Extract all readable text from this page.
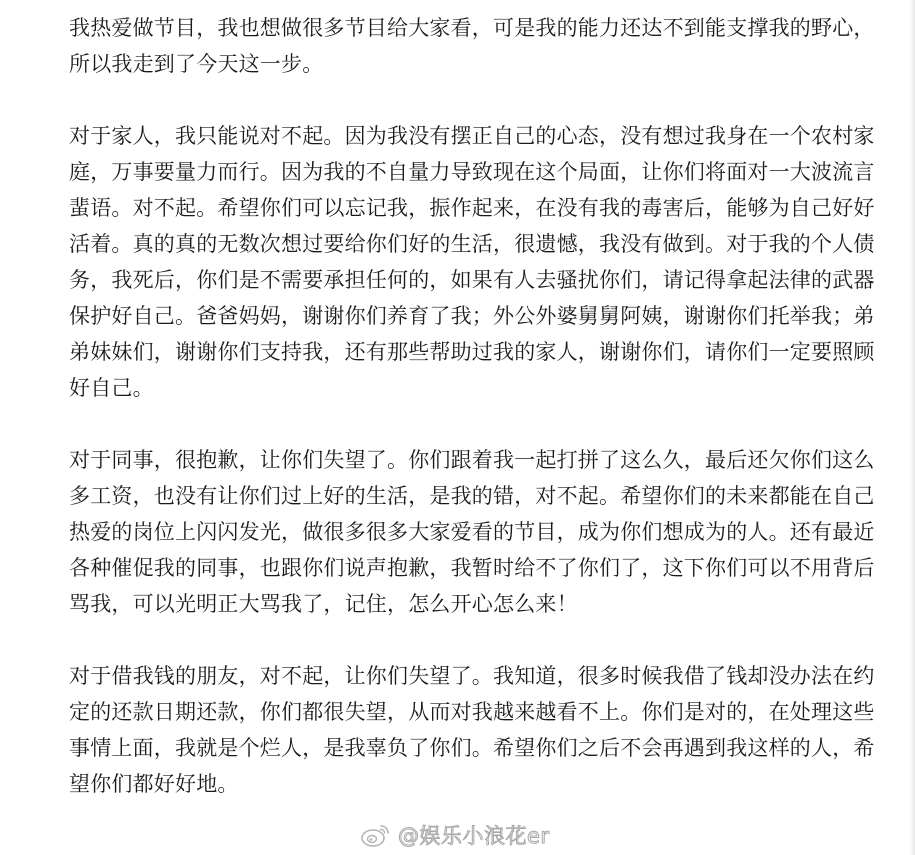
我热爱做节目，我也想做很多节目给大家看，可是我的能力还达不到能支撑我的野心，所以我走到了今天这一步。

对于家人，我只能说对不起。因为我没有摆正自己的心态，没有想过我身在一个农村家庭，万事要量力而行。因为我的不自量力导致现在这个局面，让你们将面对一大波流言蜚语。对不起。希望你们可以忘记我，振作起来，在没有我的毒害后，能够为自己好好活着。真的真的无数次想过要给你们好的生活，很遗憾，我没有做到。对于我的个人债务，我死后，你们是不需要承担任何的，如果有人去骚扰你们，请记得拿起法律的武器保护好自己。爸爸妈妈，谢谢你们养育了我；外公外婆舅舅阿姨，谢谢你们托举我；弟弟妹妹们，谢谢你们支持我，还有那些帮助过我的家人，谢谢你们，请你们一定要照顾好自己。

对于同事，很抱歉，让你们失望了。你们跟着我一起打拼了这么久，最后还欠你们这么多工资，也没有让你们过上好的生活，是我的错，对不起。希望你们的未来都能在自己热爱的岗位上闪闪发光，做很多很多大家爱看的节目，成为你们想成为的人。还有最近各种催促我的同事，也跟你们说声抱歉，我暂时给不了你们了，这下你们可以不用背后骂我，可以光明正大骂我了，记住，怎么开心怎么来！

对于借我钱的朋友，对不起，让你们失望了。我知道，很多时候我借了钱却没办法在约定的还款日期还款，你们都很失望，从而对我越来越看不上。你们是对的，在处理这些事情上面，我就是个烂人，是我辜负了你们。希望你们之后不会再遇到我这样的人，希望你们都好好地。

@娱乐小浪花er
